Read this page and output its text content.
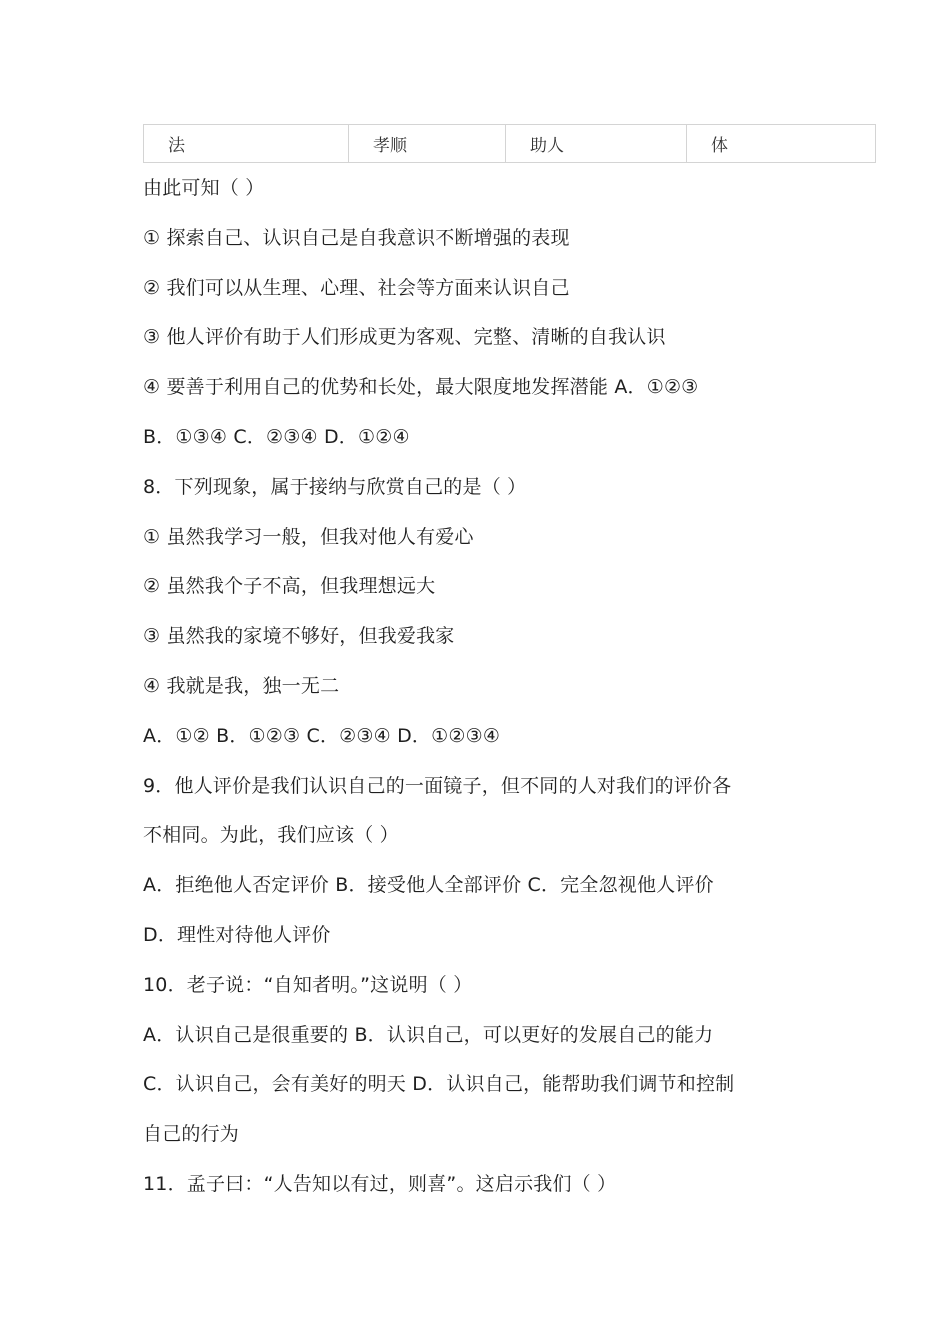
法	孝顺	助人	体
由此可知（ ）
① 探索自己、认识自己是自我意识不断增强的表现
② 我们可以从生理、心理、社会等方面来认识自己
③ 他人评价有助于人们形成更为客观、完整、清晰的自我认识
④ 要善于利用自己的优势和长处，最大限度地发挥潜能 A．①②③
B．①③④ C．②③④ D．①②④
8．下列现象，属于接纳与欣赏自己的是（ ）
① 虽然我学习一般，但我对他人有爱心
② 虽然我个子不高，但我理想远大
③ 虽然我的家境不够好，但我爱我家
④ 我就是我，独一无二
A．①② B．①②③ C．②③④ D．①②③④
9．他人评价是我们认识自己的一面镜子，但不同的人对我们的评价各
不相同。为此，我们应该（ ）
A．拒绝他人否定评价 B．接受他人全部评价 C．完全忽视他人评价
D．理性对待他人评价
10．老子说：“自知者明。”这说明（ ）
A．认识自己是很重要的 B．认识自己，可以更好的发展自己的能力
C．认识自己，会有美好的明天 D．认识自己，能帮助我们调节和控制
自己的行为
11．孟子曰：“人告知以有过，则喜”。这启示我们（ ）
